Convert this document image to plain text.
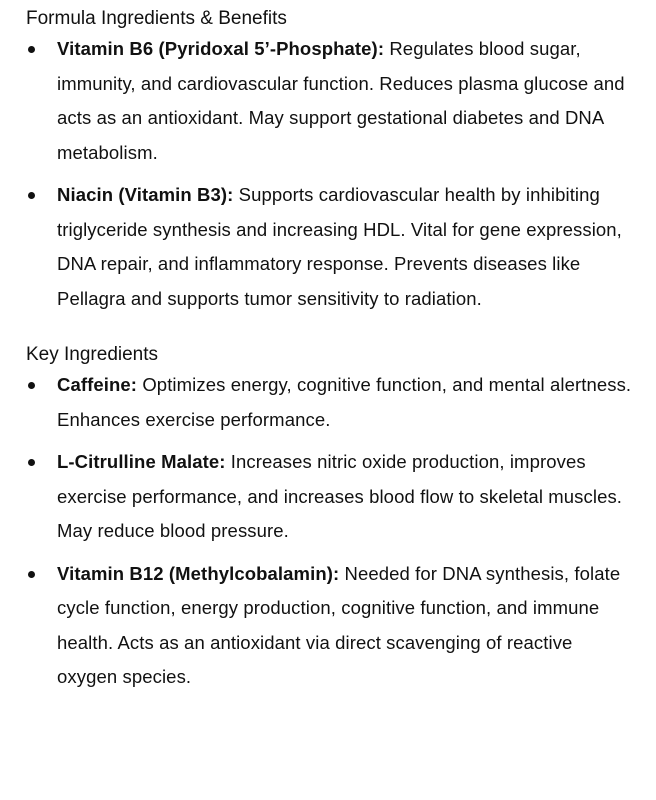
Formula Ingredients & Benefits
Vitamin B6 (Pyridoxal 5’-Phosphate): Regulates blood sugar, immunity, and cardiovascular function. Reduces plasma glucose and acts as an antioxidant. May support gestational diabetes and DNA metabolism.
Niacin (Vitamin B3): Supports cardiovascular health by inhibiting triglyceride synthesis and increasing HDL. Vital for gene expression, DNA repair, and inflammatory response. Prevents diseases like Pellagra and supports tumor sensitivity to radiation.
Key Ingredients
Caffeine: Optimizes energy, cognitive function, and mental alertness. Enhances exercise performance.
L-Citrulline Malate: Increases nitric oxide production, improves exercise performance, and increases blood flow to skeletal muscles. May reduce blood pressure.
Vitamin B12 (Methylcobalamin): Needed for DNA synthesis, folate cycle function, energy production, cognitive function, and immune health. Acts as an antioxidant via direct scavenging of reactive oxygen species.
